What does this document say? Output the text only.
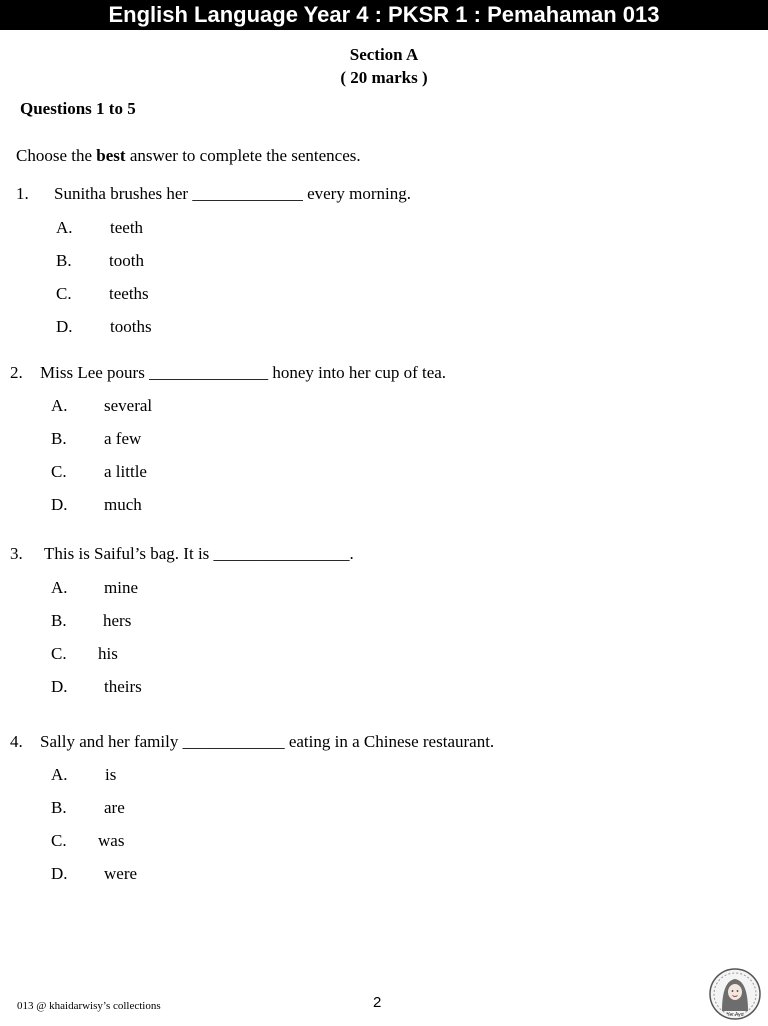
English Language Year 4 : PKSR 1 : Pemahaman 013
Section A
( 20 marks )
Questions 1 to 5
Choose the best answer to complete the sentences.
1. Sunitha brushes her _____________ every morning.
A. teeth
B. tooth
C. teeths
D. tooths
2. Miss Lee pours ______________ honey into her cup of tea.
A. several
B. a few
C. a little
D. much
3. This is Saiful’s bag. It is ________________.
A. mine
B. hers
C. his
D. theirs
4. Sally and her family ____________ eating in a Chinese restaurant.
A. is
B. are
C. was
D. were
013 @ khaidarwisy’s collections	2
Yer Ayu
